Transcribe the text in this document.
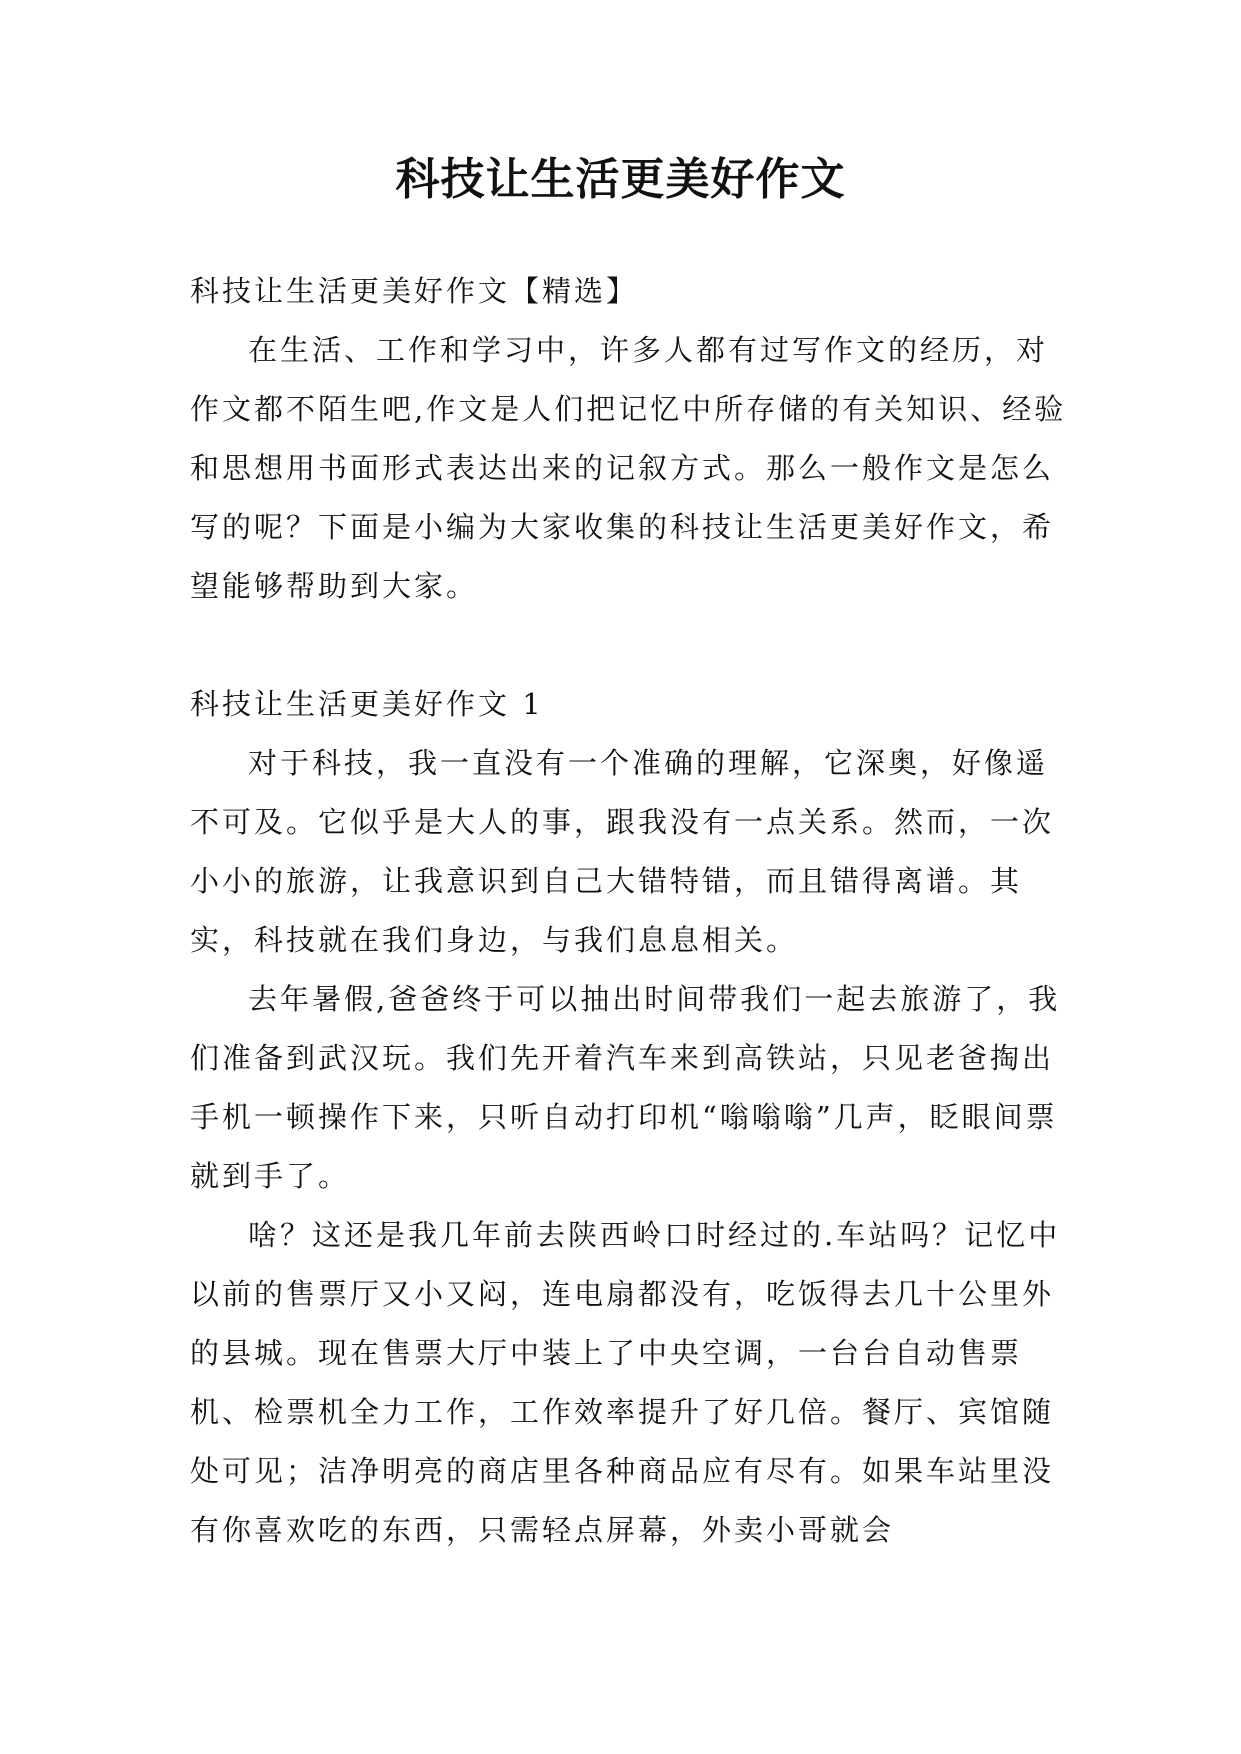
科技让生活更美好作文

科技让生活更美好作文【精选】

在生活、工作和学习中，许多人都有过写作文的经历，对作文都不陌生吧,作文是人们把记忆中所存储的有关知识、经验和思想用书面形式表达出来的记叙方式。那么一般作文是怎么写的呢？下面是小编为大家收集的科技让生活更美好作文，希望能够帮助到大家。

科技让生活更美好作文 1

对于科技，我一直没有一个准确的理解，它深奥，好像遥不可及。它似乎是大人的事，跟我没有一点关系。然而，一次小小的旅游，让我意识到自己大错特错，而且错得离谱。其实，科技就在我们身边，与我们息息相关。

去年暑假,爸爸终于可以抽出时间带我们一起去旅游了，我们准备到武汉玩。我们先开着汽车来到高铁站，只见老爸掏出手机一顿操作下来，只听自动打印机“嗡嗡嗡”几声，眨眼间票就到手了。

啥？这还是我几年前去陕西岭口时经过的.车站吗？记忆中以前的售票厅又小又闷，连电扇都没有，吃饭得去几十公里外的县城。现在售票大厅中装上了中央空调，一台台自动售票机、检票机全力工作，工作效率提升了好几倍。餐厅、宾馆随处可见；洁净明亮的商店里各种商品应有尽有。如果车站里没有你喜欢吃的东西，只需轻点屏幕，外卖小哥就会
